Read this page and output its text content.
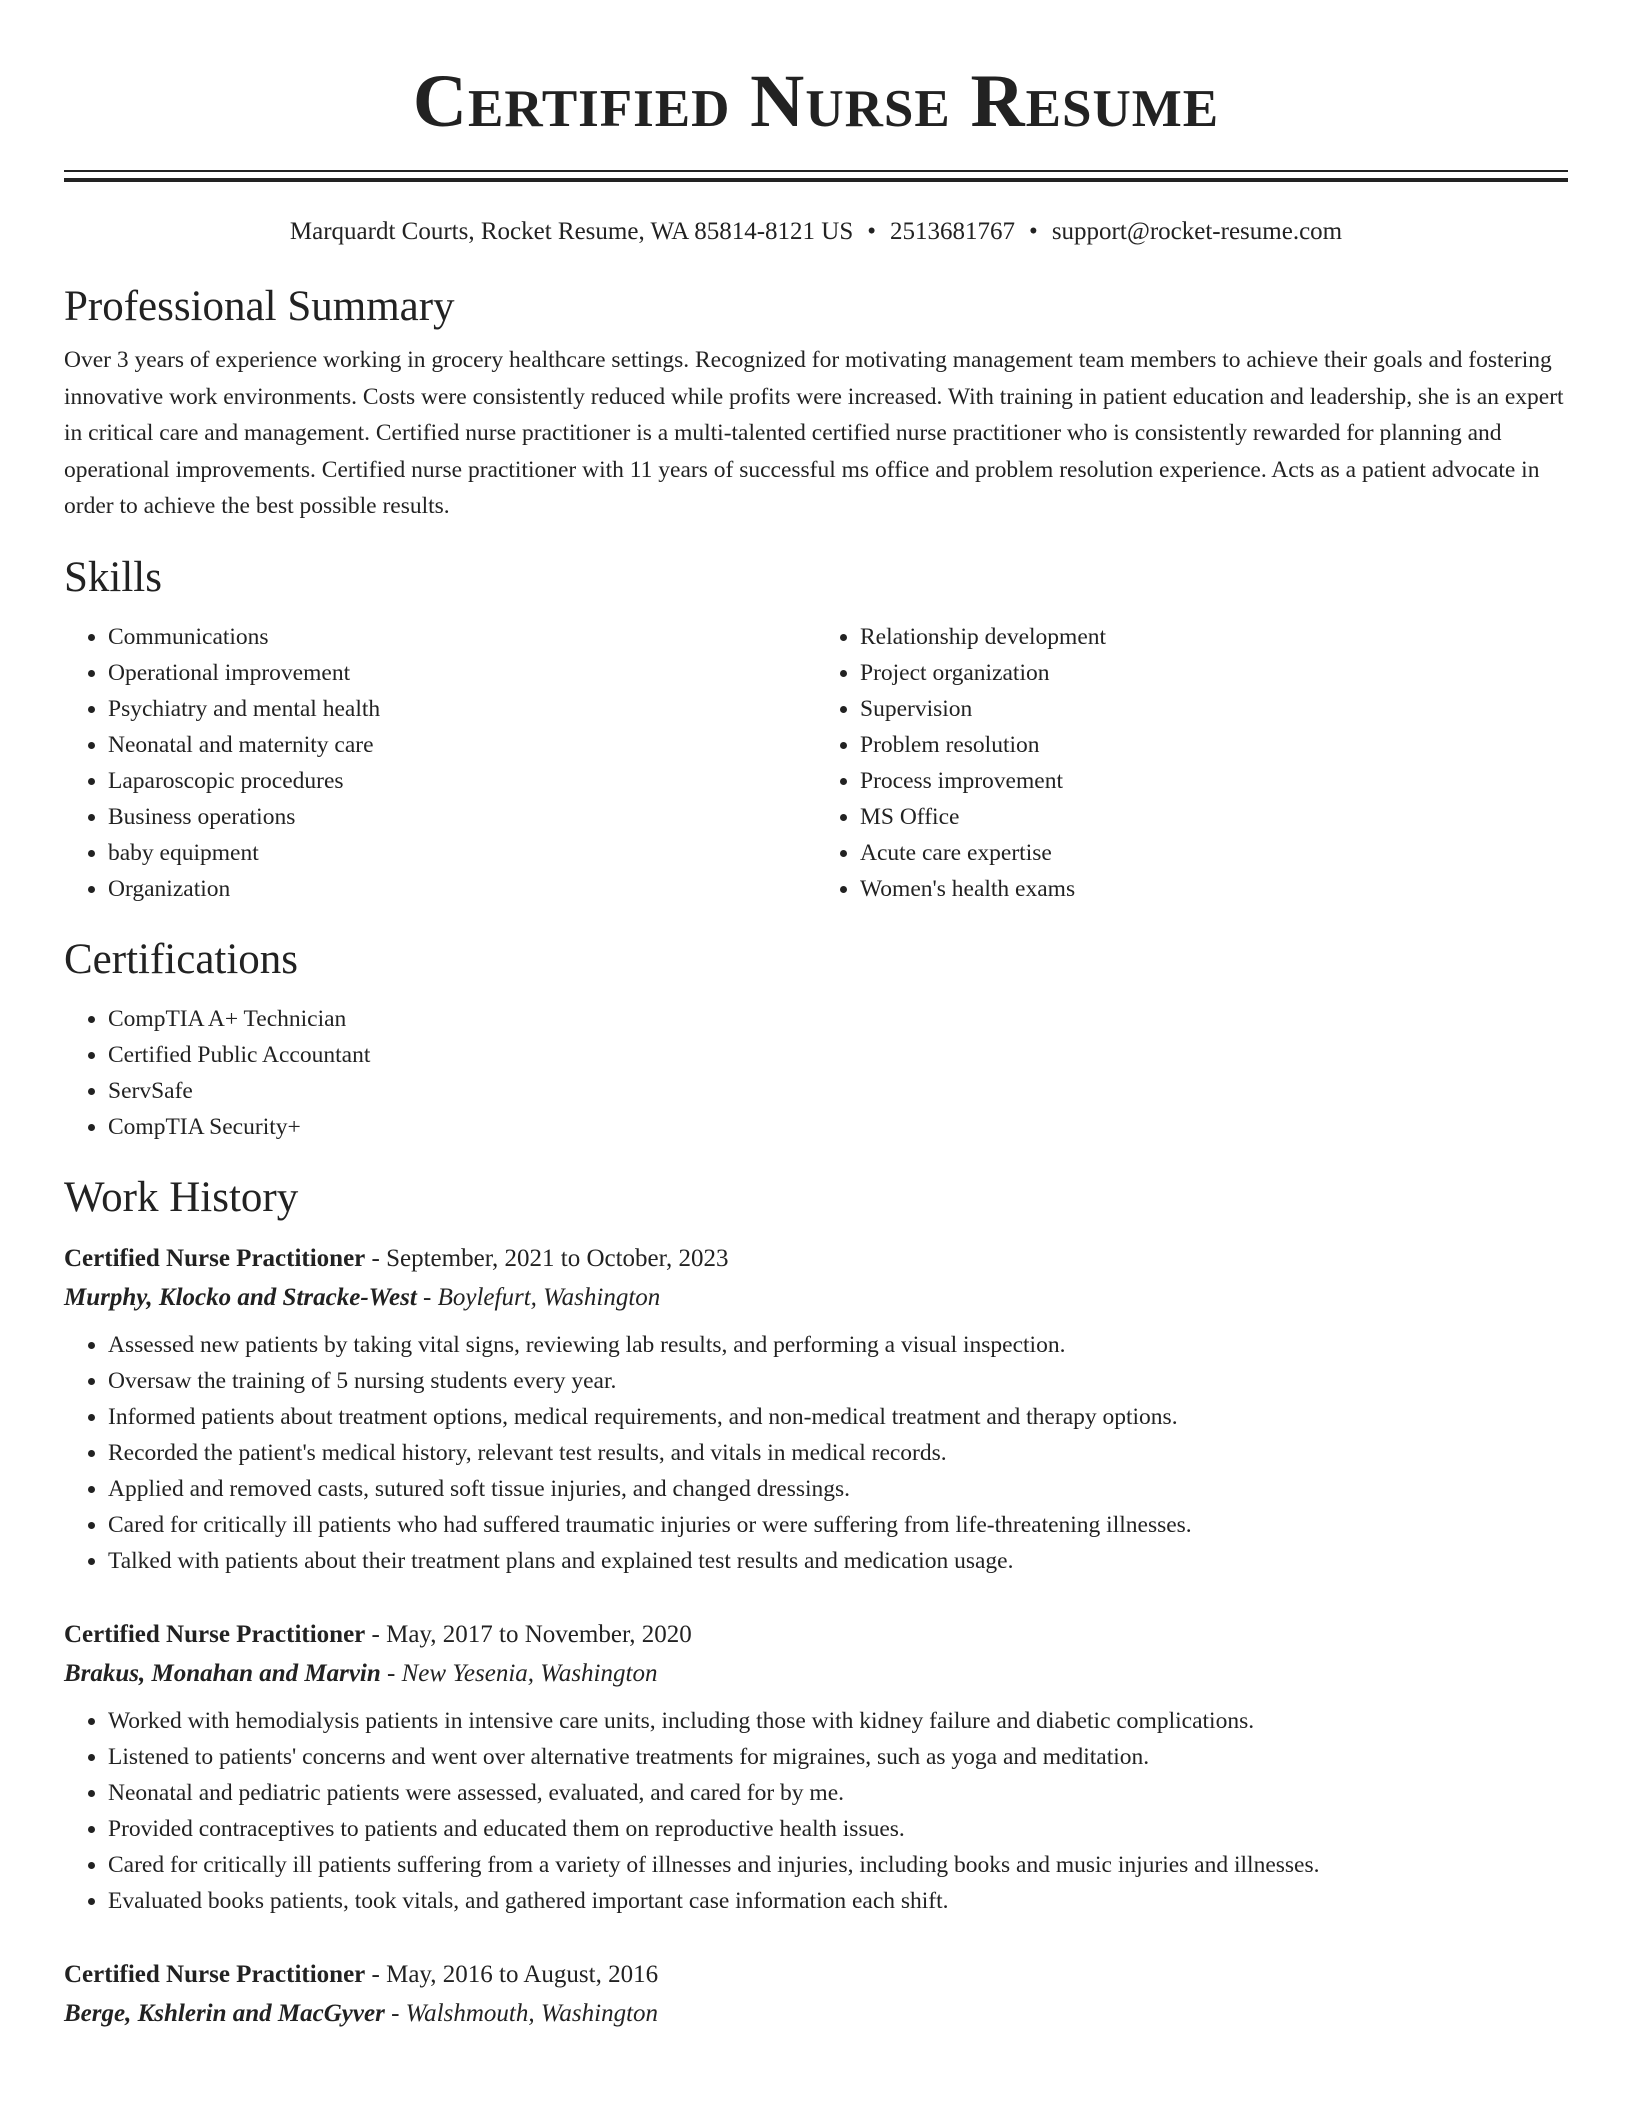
Certified Nurse Resume
Marquardt Courts, Rocket Resume, WA 85814-8121 US • 2513681767 • support@rocket-resume.com
Professional Summary

Over 3 years of experience working in grocery healthcare settings. Recognized for motivating management team members to achieve their goals and fostering innovative work environments. Costs were consistently reduced while profits were increased. With training in patient education and leadership, she is an expert in critical care and management. Certified nurse practitioner is a multi-talented certified nurse practitioner who is consistently rewarded for planning and operational improvements. Certified nurse practitioner with 11 years of successful ms office and problem resolution experience. Acts as a patient advocate in order to achieve the best possible results.

Skills
• Communications
• Operational improvement
• Psychiatry and mental health
• Neonatal and maternity care
• Laparoscopic procedures
• Business operations
• baby equipment
• Organization
• Relationship development
• Project organization
• Supervision
• Problem resolution
• Process improvement
• MS Office
• Acute care expertise
• Women's health exams
Certifications
• CompTIA A+ Technician
• Certified Public Accountant
• ServSafe
• CompTIA Security+
Work History
Certified Nurse Practitioner - September, 2021 to October, 2023
Murphy, Klocko and Stracke-West - Boylefurt, Washington
• Assessed new patients by taking vital signs, reviewing lab results, and performing a visual inspection.
• Oversaw the training of 5 nursing students every year.
• Informed patients about treatment options, medical requirements, and non-medical treatment and therapy options.
• Recorded the patient's medical history, relevant test results, and vitals in medical records.
• Applied and removed casts, sutured soft tissue injuries, and changed dressings.
• Cared for critically ill patients who had suffered traumatic injuries or were suffering from life-threatening illnesses.
• Talked with patients about their treatment plans and explained test results and medication usage.
Certified Nurse Practitioner - May, 2017 to November, 2020
Brakus, Monahan and Marvin - New Yesenia, Washington
• Worked with hemodialysis patients in intensive care units, including those with kidney failure and diabetic complications.
• Listened to patients' concerns and went over alternative treatments for migraines, such as yoga and meditation.
• Neonatal and pediatric patients were assessed, evaluated, and cared for by me.
• Provided contraceptives to patients and educated them on reproductive health issues.
• Cared for critically ill patients suffering from a variety of illnesses and injuries, including books and music injuries and illnesses.
• Evaluated books patients, took vitals, and gathered important case information each shift.
Certified Nurse Practitioner - May, 2016 to August, 2016
Berge, Kshlerin and MacGyver - Walshmouth, Washington
